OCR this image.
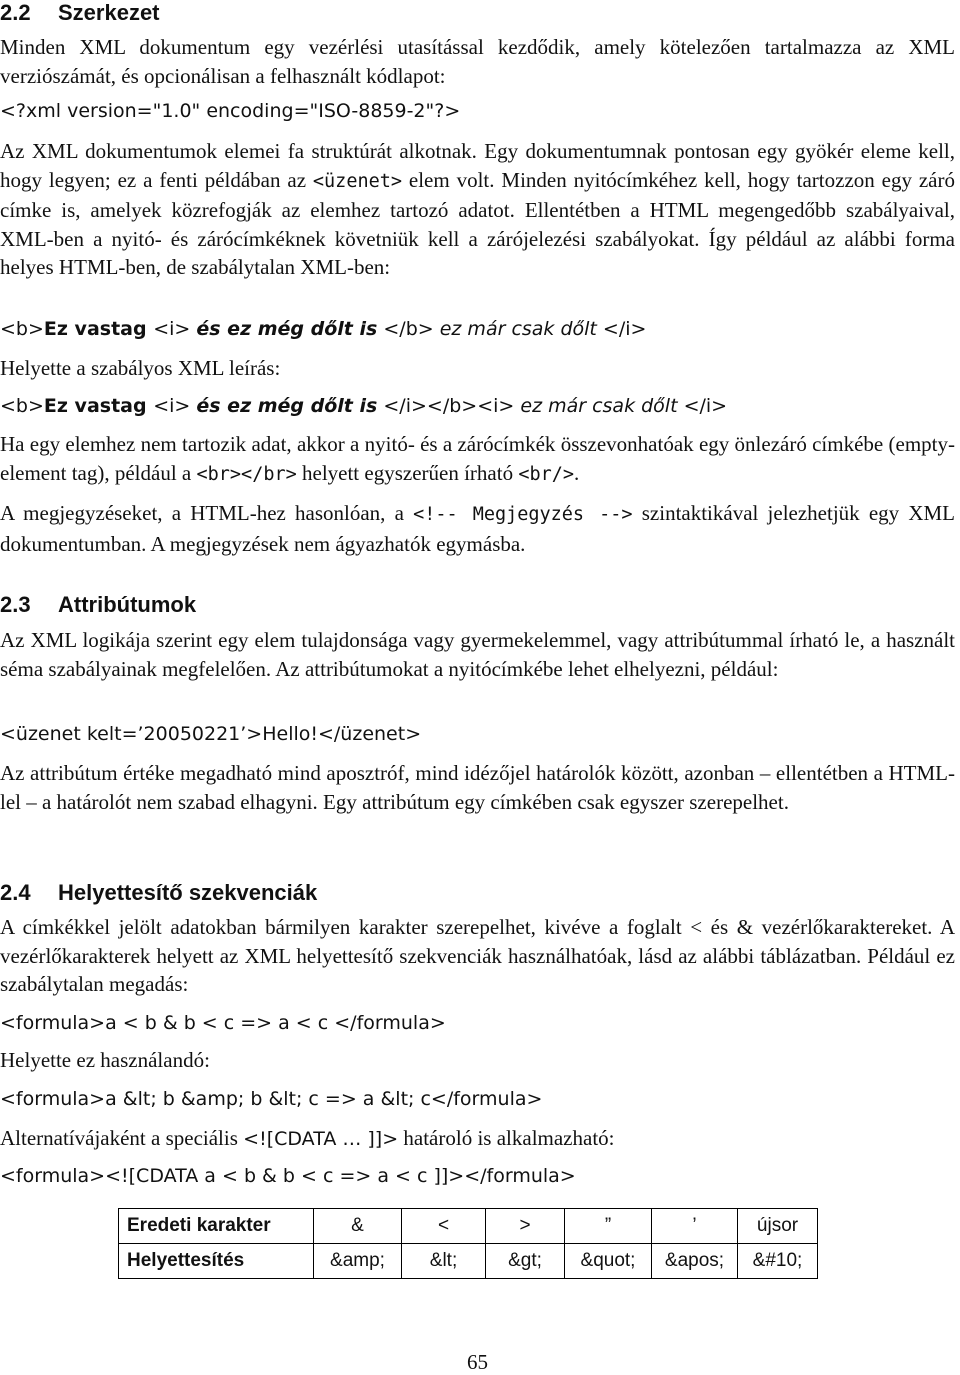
2.2 Szerkezet

Minden XML dokumentum egy vezérlési utasítással kezdődik, amely kötelezően tartalmazza az XML verziószámát, és opcionálisan a felhasznált kódlapot:

<?xml version="1.0" encoding="ISO-8859-2"?>

Az XML dokumentumok elemei fa struktúrát alkotnak. Egy dokumentumnak pontosan egy gyökér eleme kell, hogy legyen; ez a fenti példában az <üzenet> elem volt. Minden nyitócímkéhez kell, hogy tartozzon egy záró címke is, amelyek közrefogják az elemhez tartozó adatot. Ellentétben a HTML megengedőbb szabályaival, XML-ben a nyitó- és zárócímkéknek követniük kell a zárójelezési szabályokat. Így például az alábbi forma helyes HTML-ben, de szabálytalan XML-ben:

<b>Ez vastag <i> és ez még dőlt is </b> ez már csak dőlt </i>

Helyette a szabályos XML leírás:

<b>Ez vastag <i> és ez még dőlt is </i></b><i> ez már csak dőlt </i>

Ha egy elemhez nem tartozik adat, akkor a nyitó- és a zárócímkék összevonhatóak egy önlezáró címkébe (empty-element tag), például a <br></br> helyett egyszerűen írható <br/>.

A megjegyzéseket, a HTML-hez hasonlóan, a <!-- Megjegyzés --> szintaktikával jelezhetjük egy XML dokumentumban. A megjegyzések nem ágyazhatók egymásba.

2.3 Attribútumok

Az XML logikája szerint egy elem tulajdonsága vagy gyermekelemmel, vagy attribútummal írható le, a használt séma szabályainak megfelelően. Az attribútumokat a nyitócímkébe lehet elhelyezni, például:

<üzenet kelt=’20050221’>Hello!</üzenet>

Az attribútum értéke megadható mind aposztróf, mind idézőjel határolók között, azonban – ellentétben a HTML-lel – a határolót nem szabad elhagyni. Egy attribútum egy címkében csak egyszer szerepelhet.

2.4 Helyettesítő szekvenciák

A címkékkel jelölt adatokban bármilyen karakter szerepelhet, kivéve a foglalt < és & vezérlőkaraktereket. A vezérlőkarakterek helyett az XML helyettesítő szekvenciák használhatóak, lásd az alábbi táblázatban. Például ez szabálytalan megadás:

<formula>a < b & b < c => a < c </formula>

Helyette ez használandó:

<formula>a &lt; b &amp; b &lt; c => a &lt; c</formula>

Alternatívájaként a speciális <![CDATA … ]]> határoló is alkalmazható:

<formula><![CDATA a < b & b < c => a < c ]]></formula>
Eredeti karakter	&	<	>	”	’	újsor
Helyettesítés	&amp;	&lt;	&gt;	&quot;	&apos;	&#10;
65
